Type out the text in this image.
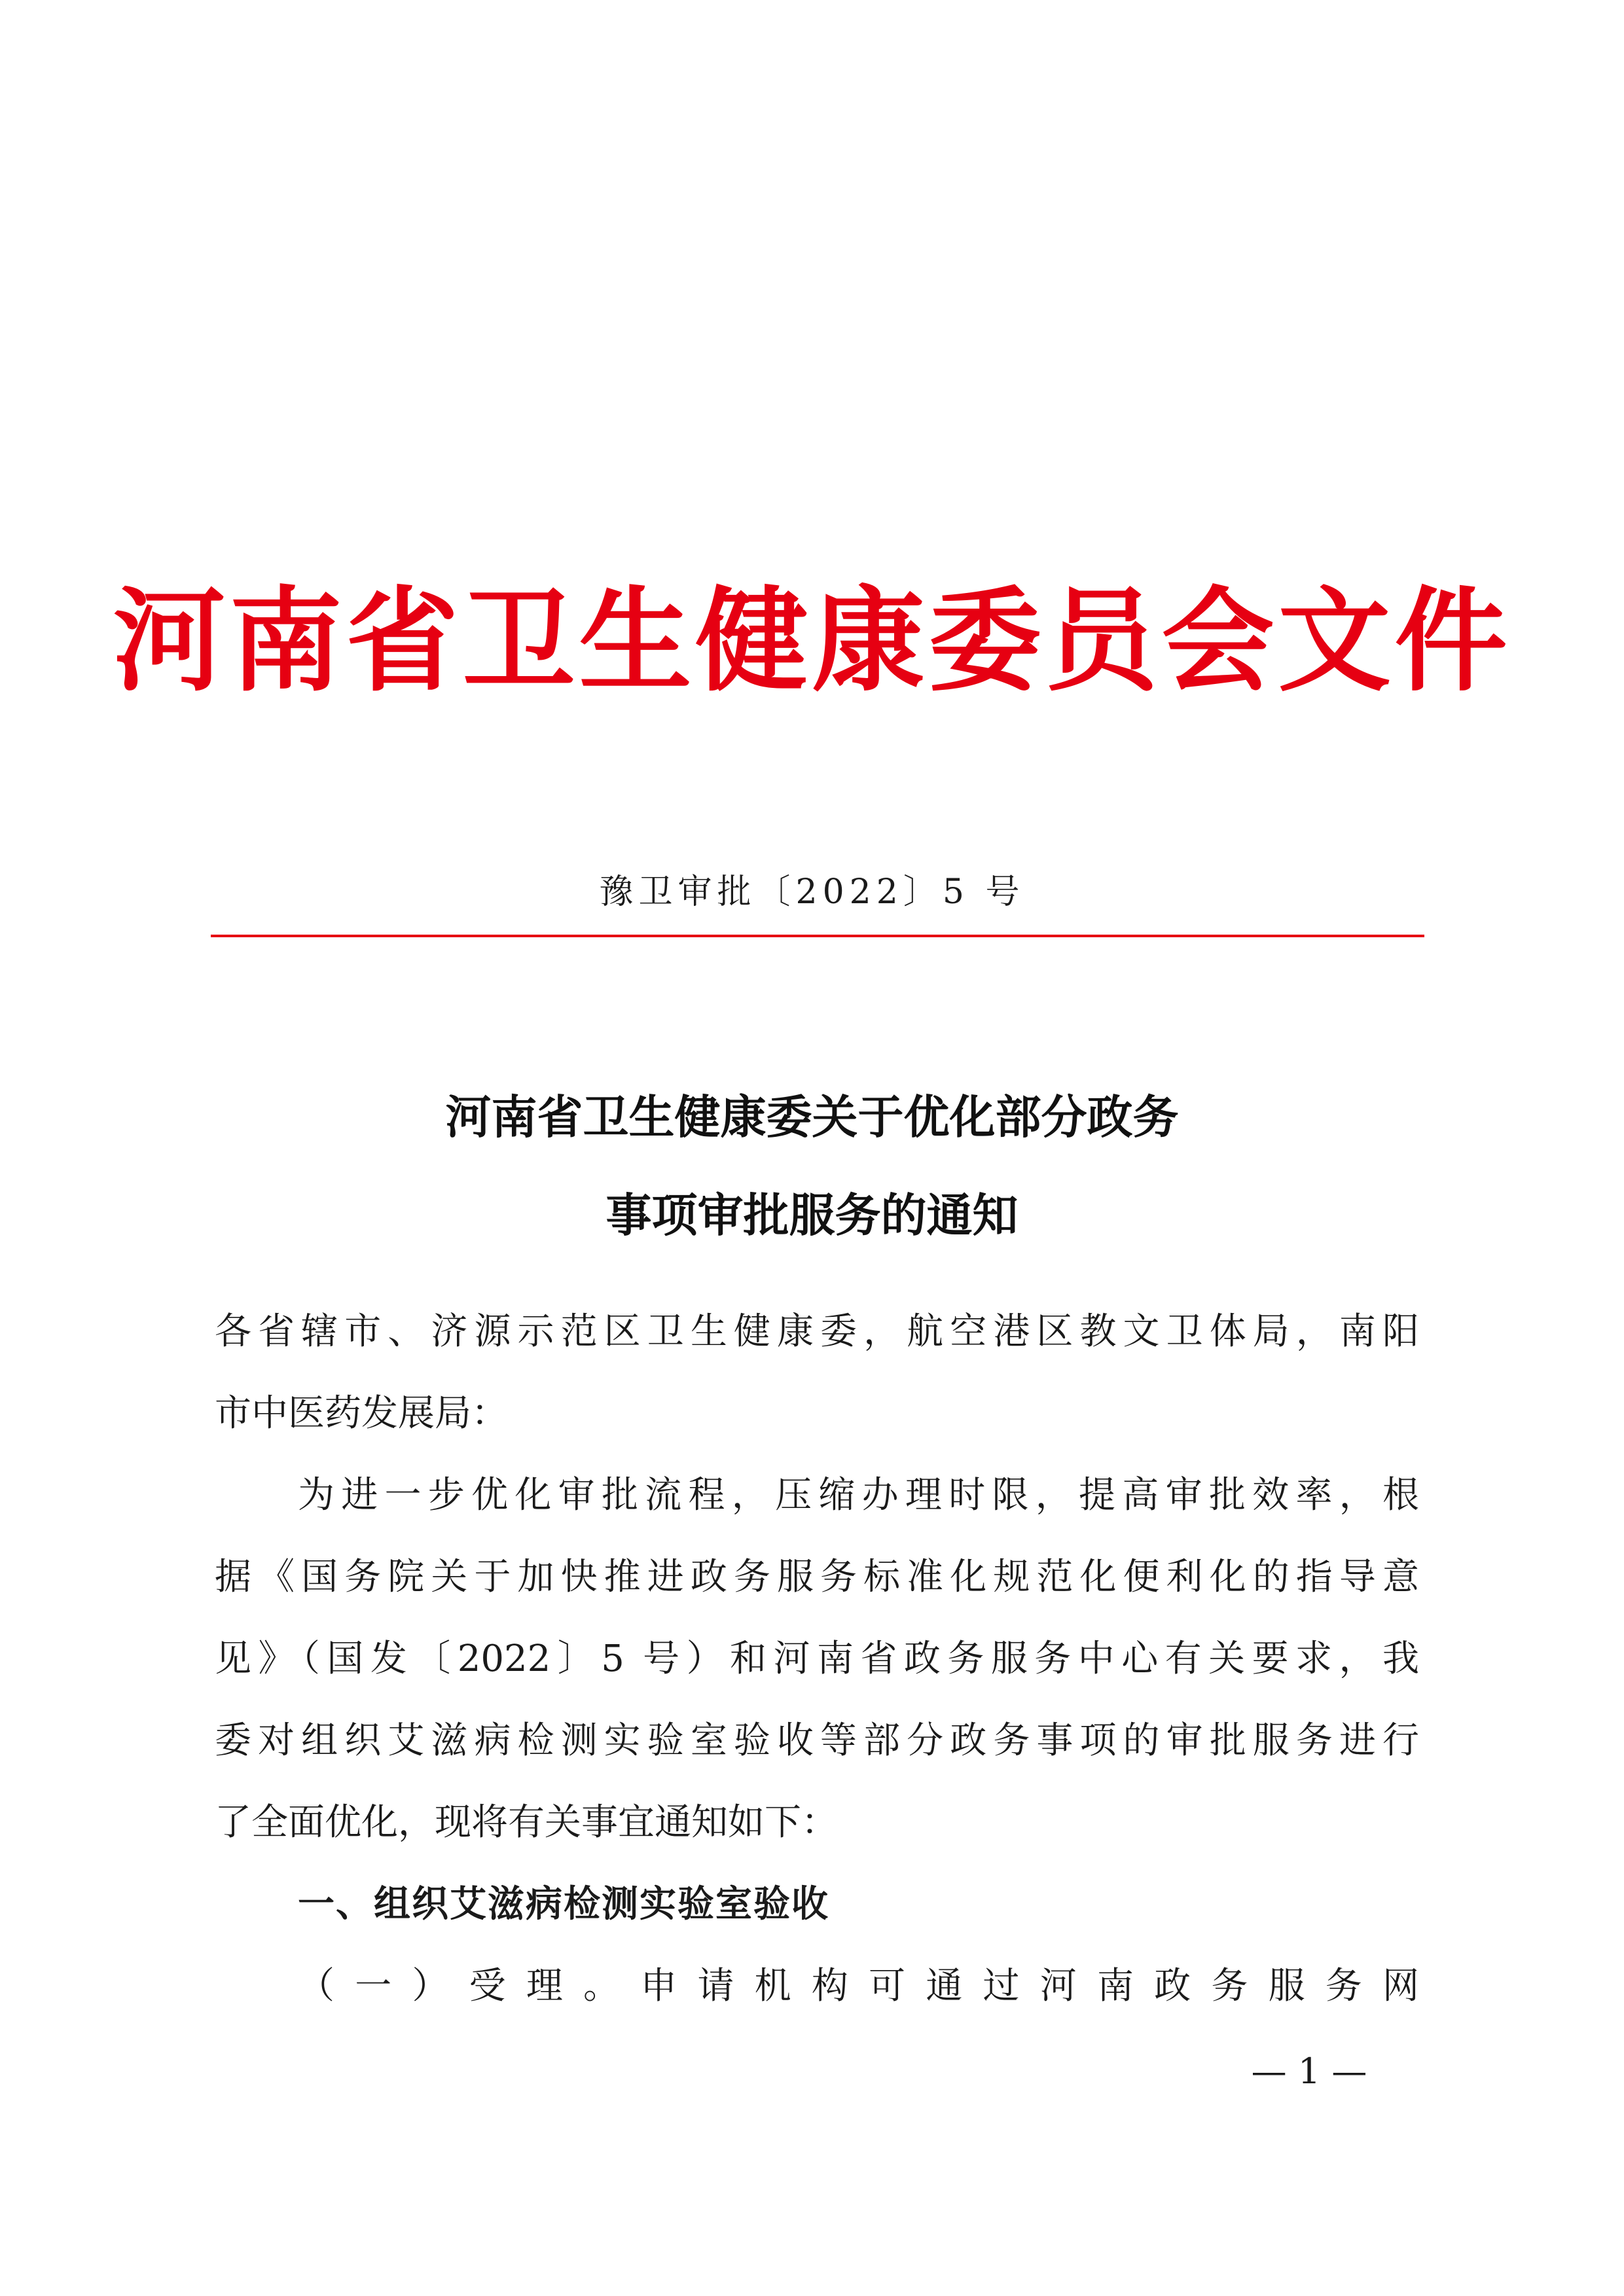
河南省卫生健康委员会文件
豫卫审批〔2022〕5 号
河南省卫生健康委关于优化部分政务
事项审批服务的通知
各省辖市、济源示范区卫生健康委，航空港区教文卫体局，南阳
市中医药发展局：
为进一步优化审批流程，压缩办理时限，提高审批效率，根
据《国务院关于加快推进政务服务标准化规范化便利化的指导意
见》（国发〔2022〕5 号）和河南省政务服务中心有关要求，我
委对组织艾滋病检测实验室验收等部分政务事项的审批服务进行
了全面优化，现将有关事宜通知如下：
一、组织艾滋病检测实验室验收
（一）受理。申请机构可通过河南政务服务网
— 1 —
